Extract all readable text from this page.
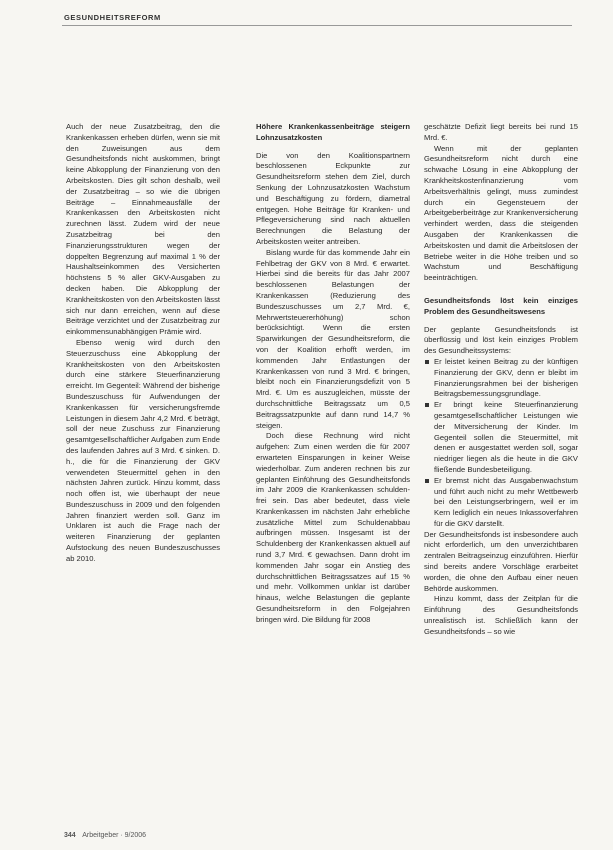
GESUNDHEITSREFORM

Auch der neue Zusatzbeitrag, den die Krankenkassen erheben dürfen, wenn sie mit den Zuweisungen aus dem Gesundheitsfonds nicht auskommen, bringt keine Abkopplung der Finanzierung von den Arbeitskosten. Dies gilt schon deshalb, weil der Zusatzbeitrag – so wie die übrigen Beiträge – Einnahmeausfälle der Krankenkassen den Arbeitskosten nicht zurechnen lässt. Zudem wird der neue Zusatzbeitrag bei den Finanzierungsstrukturen wegen der doppelten Begrenzung auf maximal 1 % der Haushaltseinkommen des Versicherten höchstens 5 % aller GKV-Ausgaben zu decken haben. Die Abkopplung der Krankheitskosten von den Arbeitskosten lässt sich nur dann erreichen, wenn auf diese Beiträge verzichtet und der Zusatzbeitrag zur einkommensunabhängigen Prämie wird.

Ebenso wenig wird durch den Steuerzuschuss eine Abkopplung der Krankheitskosten von den Arbeitskosten durch eine stärkere Steuerfinanzierung erreicht. Im Gegenteil: Während der bisherige Bundeszuschuss für Aufwendungen der Krankenkassen für versicherungsfremde Leistungen in diesem Jahr 4,2 Mrd. € beträgt, soll der neue Zuschuss zur Finanzierung gesamtgesellschaftlicher Aufgaben zum Ende des laufenden Jahres auf 3 Mrd. € sinken. D. h., die für die Finanzierung der GKV verwendeten Steuermittel gehen in den nächsten Jahren zurück. Hinzu kommt, dass noch offen ist, wie überhaupt der neue Bundeszuschuss in 2009 und den folgenden Jahren finanziert werden soll. Ganz im Unklaren ist auch die Frage nach der weiteren Finanzierung der geplanten Aufstockung des neuen Bundeszuschusses ab 2010.

Höhere Krankenkassenbeiträge steigern Lohnzusatzkosten

Die von den Koalitionspartnern beschlossenen Eckpunkte zur Gesundheitsreform stehen dem Ziel, durch Senkung der Lohnzusatzkosten Wachstum und Beschäftigung zu fördern, diametral entgegen. Hohe Beiträge für Kranken- und Pflegeversicherung sind nach aktuellen Berechnungen die Belastung der Arbeitskosten weiter antreiben.

Bislang wurde für das kommende Jahr ein Fehlbetrag der GKV von 8 Mrd. € erwartet. Hierbei sind die bereits für das Jahr 2007 beschlossenen Belastungen der Krankenkassen (Reduzierung des Bundeszuschusses um 2,7 Mrd. €, Mehrwertsteuererhöhung) schon berücksichtigt. Wenn die ersten Sparwirkungen der Gesundheitsreform, die von der Koalition erhofft werden, im kommenden Jahr Entlastungen der Krankenkassen von rund 3 Mrd. € bringen, bleibt noch ein Finanzierungsdefizit von 5 Mrd. €. Um es auszugleichen, müsste der durchschnittliche Beitragssatz um 0,5 Beitragssatzpunkte auf dann rund 14,7 % steigen.

Doch diese Rechnung wird nicht aufgehen: Zum einen werden die für 2007 erwarteten Einsparungen in keiner Weise wiederholbar. Zum anderen rechnen bis zur geplanten Einführung des Gesundheitsfonds im Jahr 2009 die Krankenkassen schulden-frei sein. Das aber bedeutet, dass viele Krankenkassen im nächsten Jahr erhebliche zusätzliche Mittel zum Schuldenabbau aufbringen müssen. Insgesamt ist der Schuldenberg der Krankenkassen aktuell auf rund 3,7 Mrd. € gewachsen. Dann droht im kommenden Jahr sogar ein Anstieg des durchschnittlichen Beitragssatzes auf 15 % und mehr. Vollkommen unklar ist darüber hinaus, welche Belastungen die geplante Gesundheitsreform in den Folgejahren bringen wird. Die Bildung für 2008

geschätzte Defizit liegt bereits bei rund 15 Mrd. €.

Wenn mit der geplanten Gesundheitsreform nicht durch eine schwache Lösung in eine Abkopplung der Krankheitskostenfinanzierung vom Arbeitsverhältnis gelingt, muss zumindest durch ein Gegensteuern der Arbeitgeberbeiträge zur Krankenversicherung verhindert werden, dass die steigenden Ausgaben der Krankenkassen die Arbeitskosten und damit die Arbeitslosen der Betriebe weiter in die Höhe treiben und so Wachstum und Beschäftigung beeinträchtigen.

Gesundheitsfonds löst kein einziges Problem des Gesundheitswesens

Der geplante Gesundheitsfonds ist überflüssig und löst kein einziges Problem des Gesundheitssystems:

Er leistet keinen Beitrag zu der künftigen Finanzierung der GKV, denn er bleibt im Finanzierungsrahmen bei der bisherigen Beitragsbemessungsgrundlage.
Er bringt keine Steuerfinanzierung gesamtgesellschaftlicher Leistungen wie der Mitversicherung der Kinder. Im Gegenteil sollen die Steuermittel, mit denen er ausgestattet werden soll, sogar niedriger liegen als die heute in die GKV fließende Bundesbeteiligung.
Er bremst nicht das Ausgabenwachstum und führt auch nicht zu mehr Wettbewerb bei den Leistungserbringern, weil er im Kern lediglich ein neues Inkassoverfahren für die GKV darstellt.

Der Gesundheitsfonds ist insbesondere auch nicht erforderlich, um den unverzichtbaren zentralen Beitragseinzug einzuführen. Hierfür sind bereits andere Vorschläge erarbeitet worden, die ohne den Aufbau einer neuen Behörde auskommen.

Hinzu kommt, dass der Zeitplan für die Einführung des Gesundheitsfonds unrealistisch ist. Schließlich kann der Gesundheitsfonds – so wie

344 Arbeitgeber · 9/2006
